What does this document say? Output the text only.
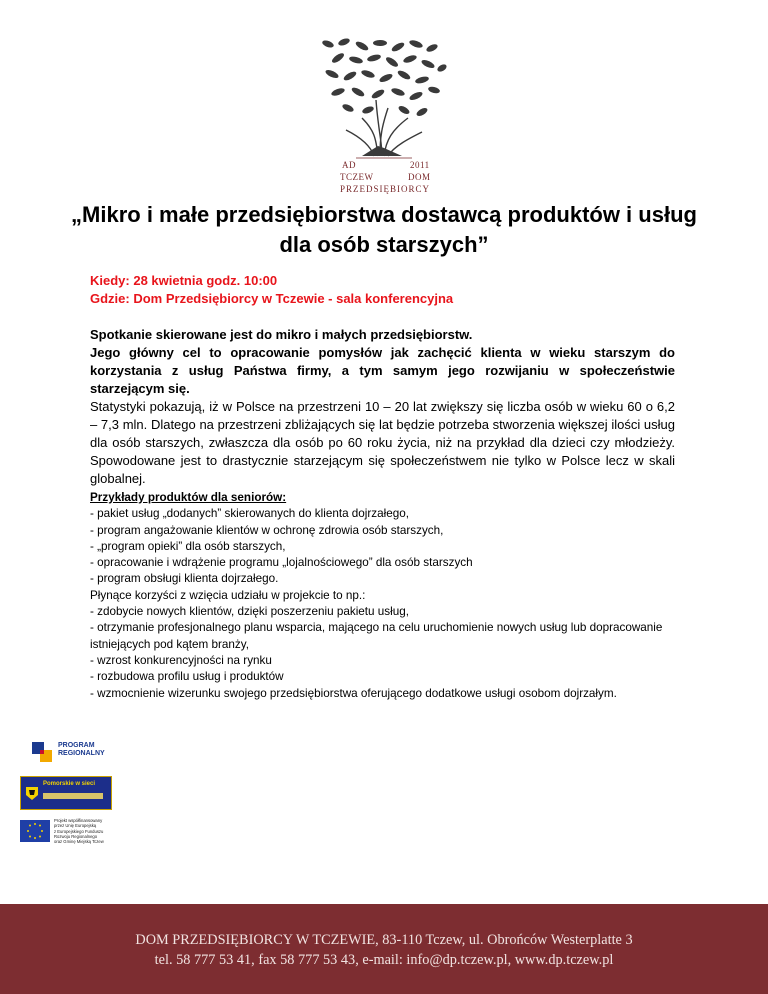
AD	2011
TCZEW	DOM
PRZEDSIĘBIORCY
„Mikro i małe przedsiębiorstwa dostawcą produktów i usług dla osób starszych”
Kiedy: 28 kwietnia godz. 10:00
Gdzie: Dom Przedsiębiorcy w Tczewie - sala konferencyjna

Spotkanie skierowane jest do mikro i małych przedsiębiorstw.

Jego główny cel to opracowanie pomysłów jak zachęcić klienta w wieku starszym do korzystania z usług Państwa firmy, a tym samym jego rozwijaniu w społeczeństwie starzejącym się.

Statystyki pokazują, iż w Polsce na przestrzeni 10 – 20 lat zwiększy się liczba osób w wieku 60 o 6,2 – 7,3 mln. Dlatego na przestrzeni zbliżających się lat będzie potrzeba stworzenia większej ilości usług dla osób starszych, zwłaszcza dla osób po 60 roku życia, niż na przykład dla dzieci czy młodzieży. Spowodowane jest to drastycznie starzejącym się społeczeństwem nie tylko w Polsce lecz w skali globalnej.

Przykłady produktów dla seniorów:
- pakiet usług „dodanych” skierowanych do klienta dojrzałego,
- program angażowanie klientów w ochronę zdrowia osób starszych,
- „program opieki” dla osób starszych,
- opracowanie i wdrążenie programu „lojalnościowego” dla osób starszych
- program obsługi klienta dojrzałego.
Płynące korzyści z wzięcia udziału w projekcie to np.:
- zdobycie nowych klientów, dzięki poszerzeniu pakietu usług,
- otrzymanie profesjonalnego planu wsparcia, mającego na celu uruchomienie nowych usług lub dopracowanie istniejących pod kątem branży,
- wzrost konkurencyjności na rynku
- rozbudowa profilu usług i produktów
- wzmocnienie wizerunku swojego przedsiębiorstwa oferującego dodatkowe usługi osobom dojrzałym.
PROGRAM
REGIONALNY
Pomorskie w sieci
Projekt współfinansowany
przez Unię Europejską
z Europejskiego Funduszu
Rozwoju Regionalnego
oraz Gminę Miejską Tczew
DOM PRZEDSIĘBIORCY W TCZEWIE, 83-110 Tczew, ul. Obrońców Westerplatte 3
tel. 58 777 53 41, fax 58 777 53 43, e-mail: info@dp.tczew.pl, www.dp.tczew.pl
